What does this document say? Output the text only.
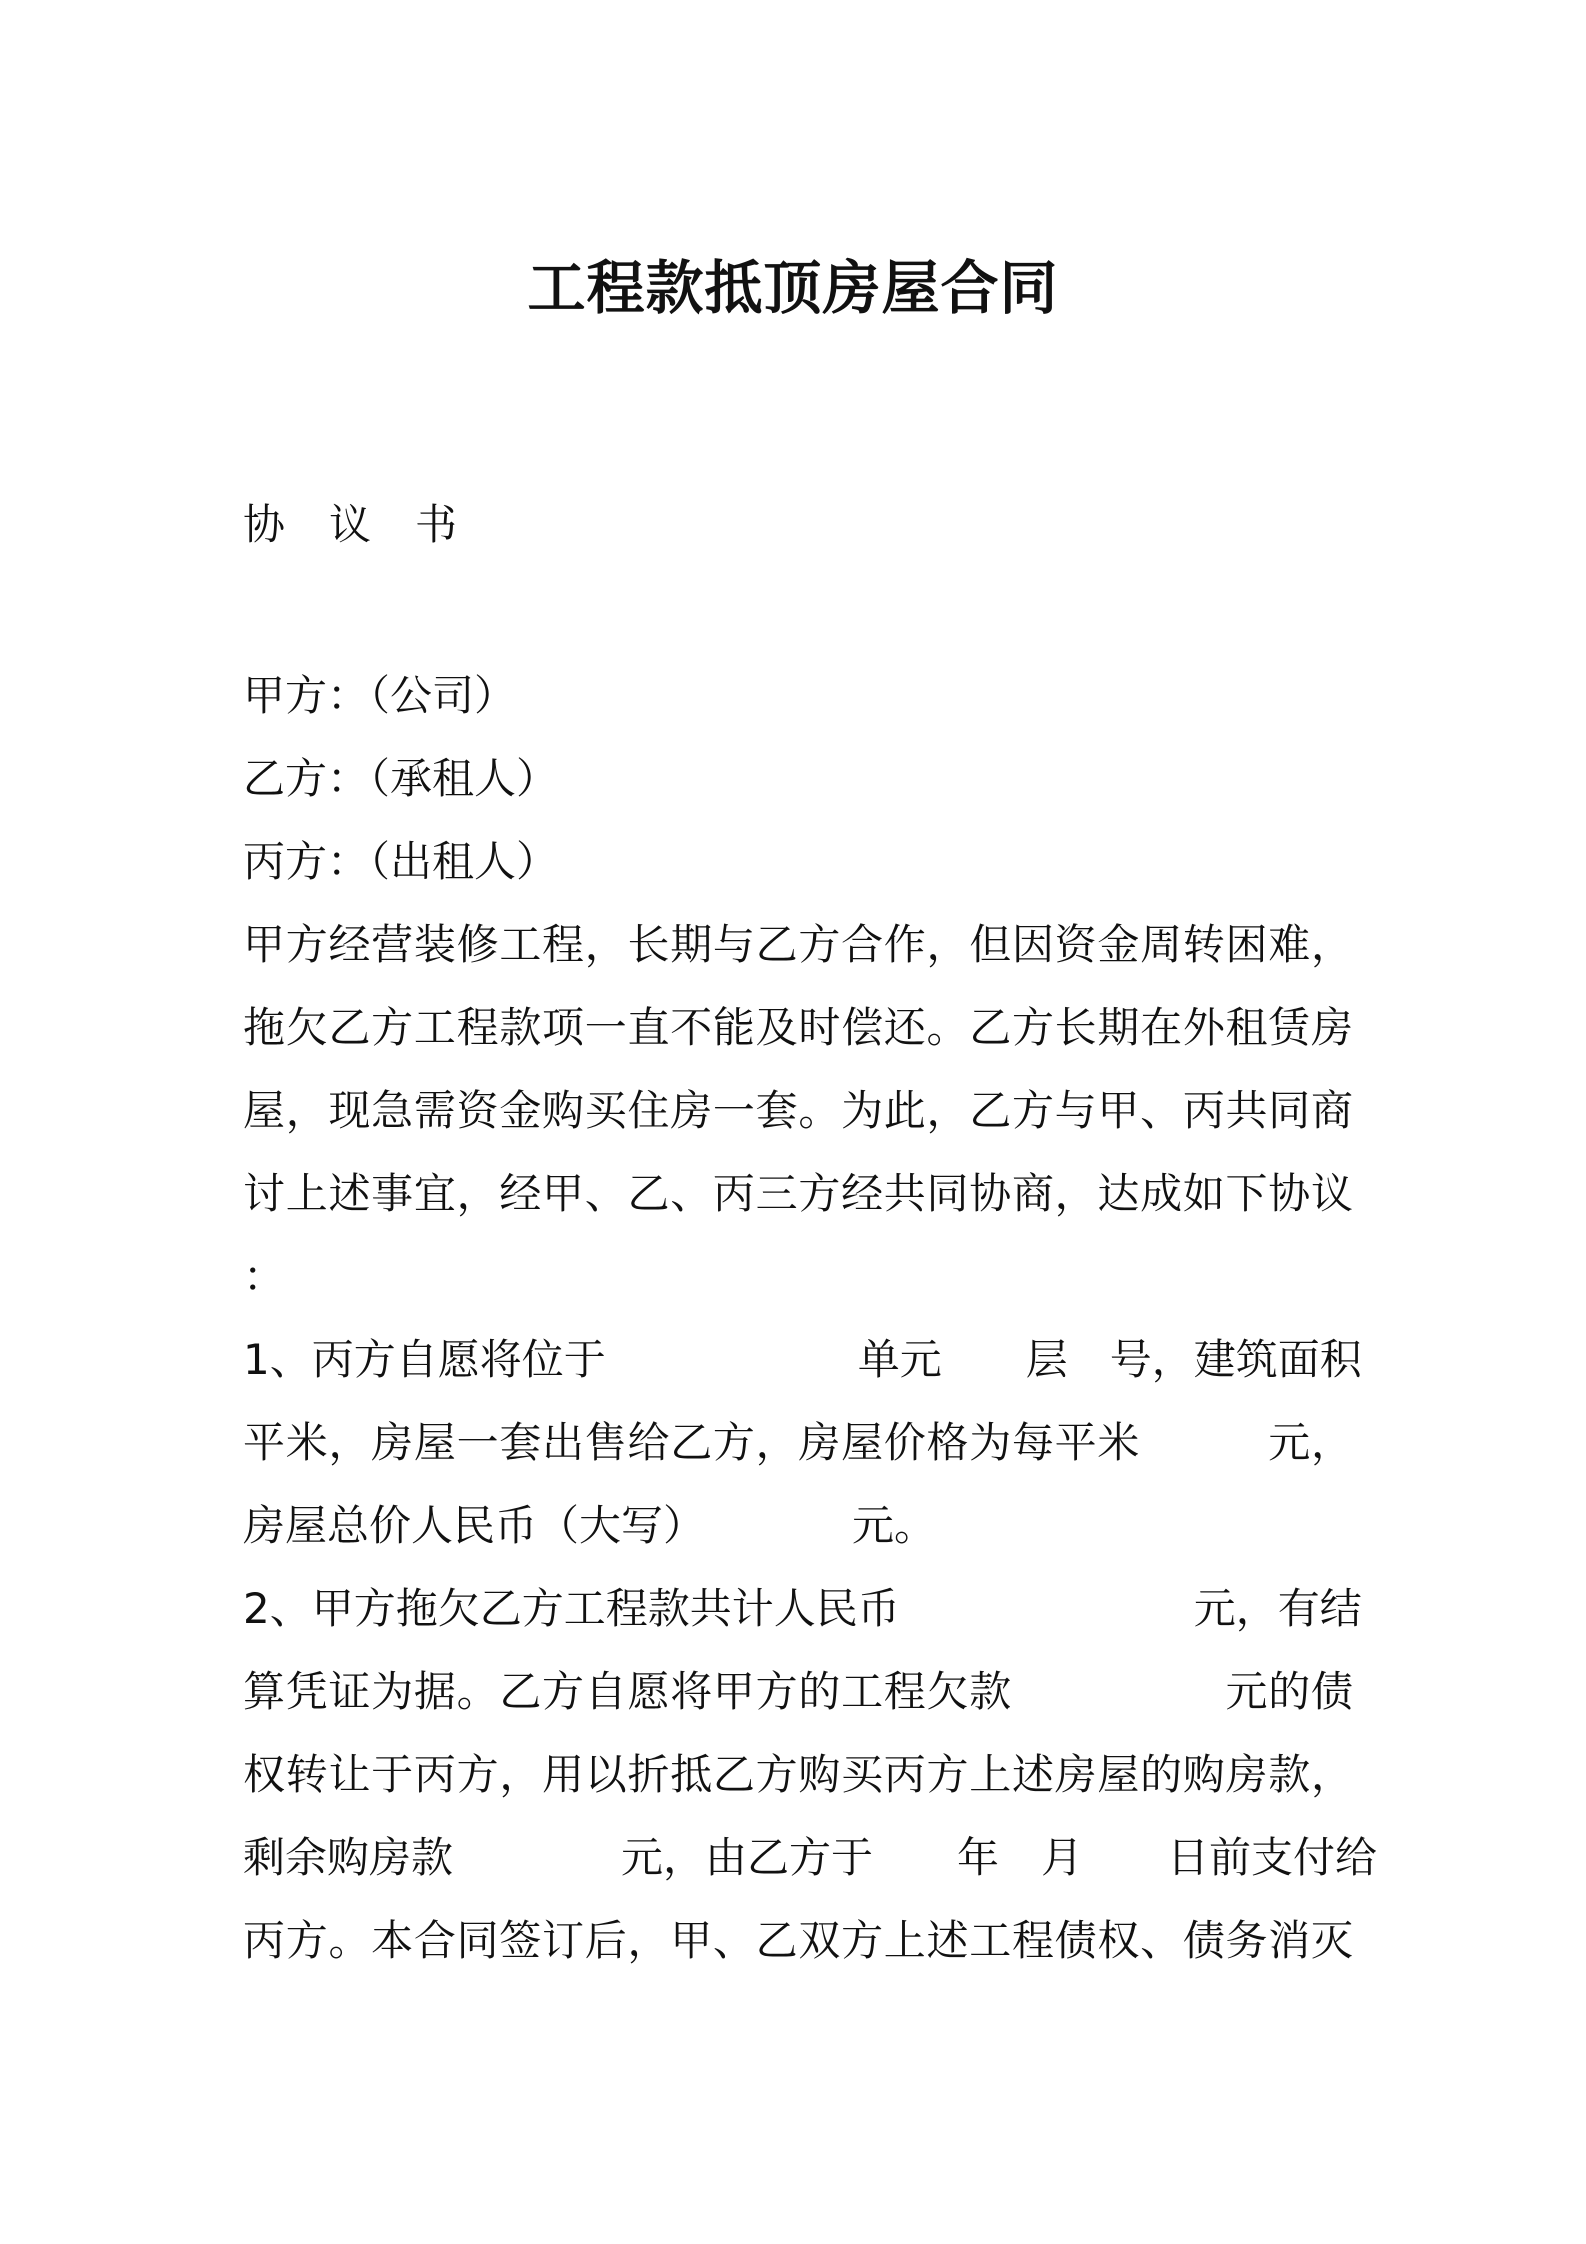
工程款抵顶房屋合同
协议书
甲方：（公司）
乙方：（承租人）
丙方：（出租人）
甲方经营装修工程，长期与乙方合作，但因资金周转困难，
拖欠乙方工程款项一直不能及时偿还。乙方长期在外租赁房
屋，现急需资金购买住房一套。为此，乙方与甲、丙共同商
讨上述事宜，经甲、乙、丙三方经共同协商，达成如下协议
：
1、丙方自愿将位于　　　　　　单元　　层　号，建筑面积
平米，房屋一套出售给乙方，房屋价格为每平米　　　元，
房屋总价人民币（大写）　　　　元。
2、甲方拖欠乙方工程款共计人民币　　　　　　　元，有结
算凭证为据。乙方自愿将甲方的工程欠款　　　　　元的债
权转让于丙方，用以折抵乙方购买丙方上述房屋的购房款，
剩余购房款　　　　元，由乙方于　　年　月　　日前支付给
丙方。本合同签订后，甲、乙双方上述工程债权、债务消灭
